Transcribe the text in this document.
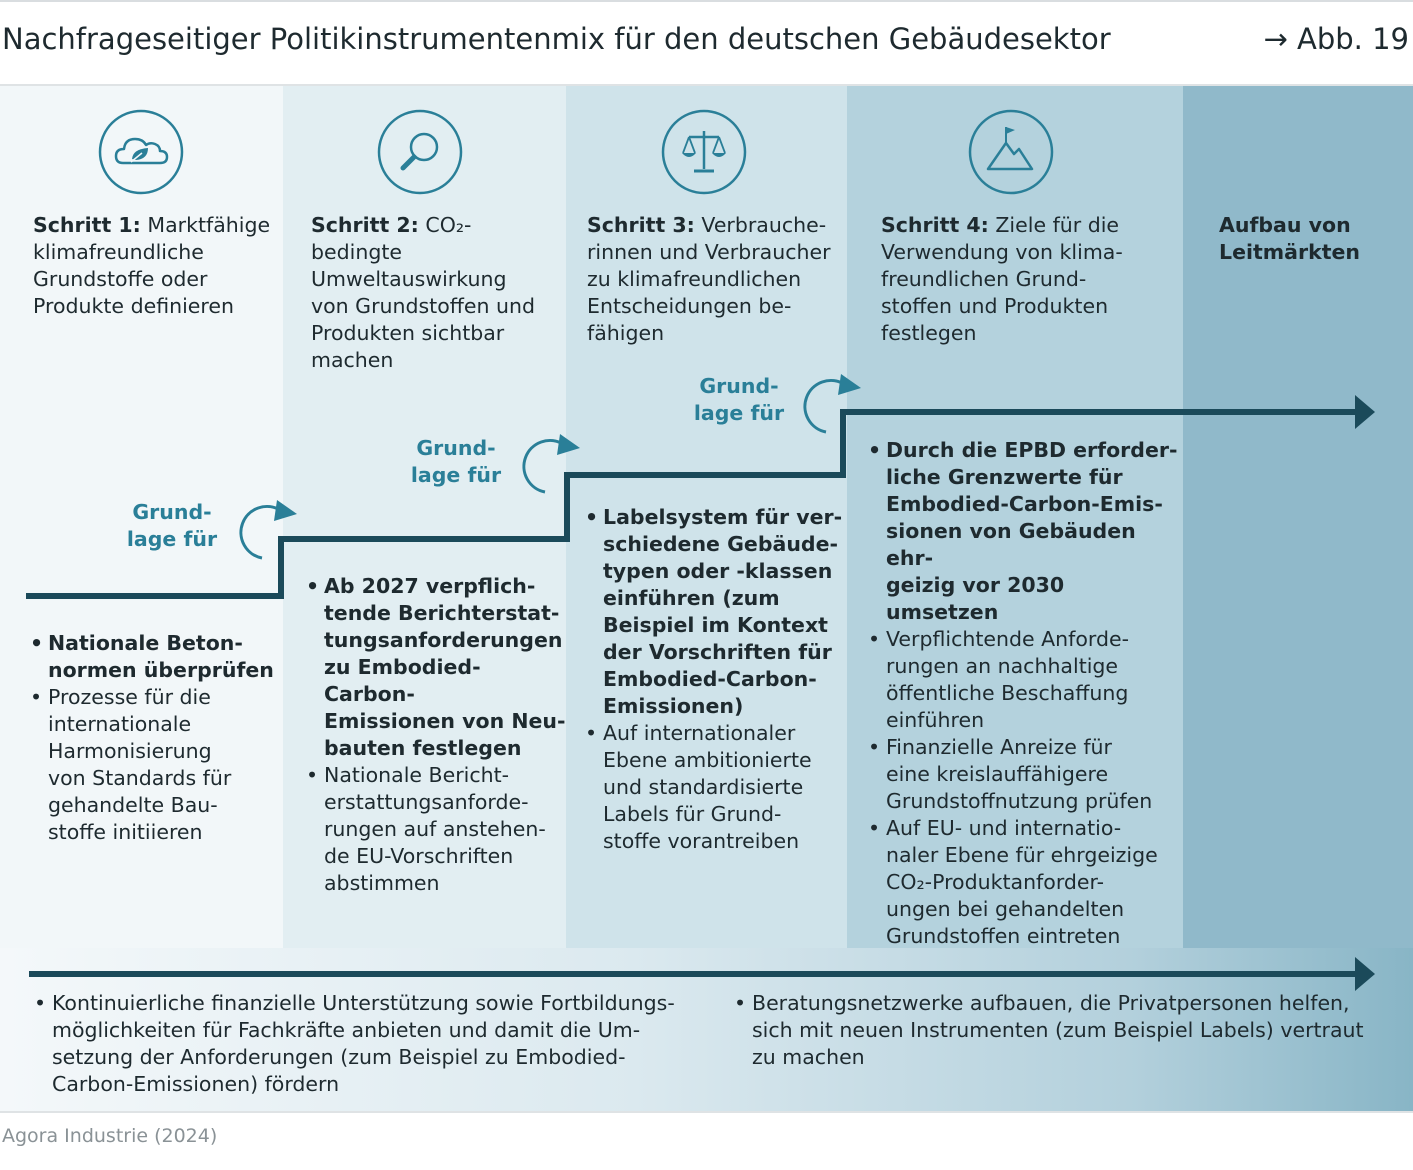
Nachfrageseitiger Politikinstrumentenmix für den deutschen Gebäudesektor	→ Abb. 19
Schritt 1: Marktfähige
klimafreundliche
Grundstoffe oder
Produkte definieren
Schritt 2: CO₂-bedingte
Umweltauswirkung
von Grundstoffen und
Produkten sichtbar
machen
Schritt 3: Verbrauche-
rinnen und Verbraucher
zu klimafreundlichen
Entscheidungen be-
fähigen
Schritt 4: Ziele für die
Verwendung von klima-
freundlichen Grund-
stoffen und Produkten
festlegen
Aufbau von
Leitmärkten
Grund-
lage für
Grund-
lage für
Grund-
lage für
• Nationale Beton-
normen überprüfen
• Prozesse für die
internationale
Harmonisierung
von Standards für
gehandelte Bau-
stoffe initiieren
• Ab 2027 verpflich-
tende Berichterstat-
tungsanforderungen
zu Embodied-Carbon-
Emissionen von Neu-
bauten festlegen
• Nationale Bericht-
erstattungsanforde-
rungen auf anstehen-
de EU-Vorschriften
abstimmen
• Labelsystem für ver-
schiedene Gebäude-
typen oder -klassen
einführen (zum
Beispiel im Kontext
der Vorschriften für
Embodied-Carbon-
Emissionen)
• Auf internationaler
Ebene ambitionierte
und standardisierte
Labels für Grund-
stoffe vorantreiben
• Durch die EPBD erforder-
liche Grenzwerte für
Embodied-Carbon-Emis-
sionen von Gebäuden ehr-
geizig vor 2030 umsetzen
• Verpflichtende Anforde-
rungen an nachhaltige
öffentliche Beschaffung
einführen
• Finanzielle Anreize für
eine kreislauffähigere
Grundstoffnutzung prüfen
• Auf EU- und internatio-
naler Ebene für ehrgeizige
CO₂-Produktanforder-
ungen bei gehandelten
Grundstoffen eintreten
• Kontinuierliche finanzielle Unterstützung sowie Fortbildungs-
möglichkeiten für Fachkräfte anbieten und damit die Um-
setzung der Anforderungen (zum Beispiel zu Embodied-
Carbon-Emissionen) fördern
• Beratungsnetzwerke aufbauen, die Privatpersonen helfen,
sich mit neuen Instrumenten (zum Beispiel Labels) vertraut
zu machen
Agora Industrie (2024)
